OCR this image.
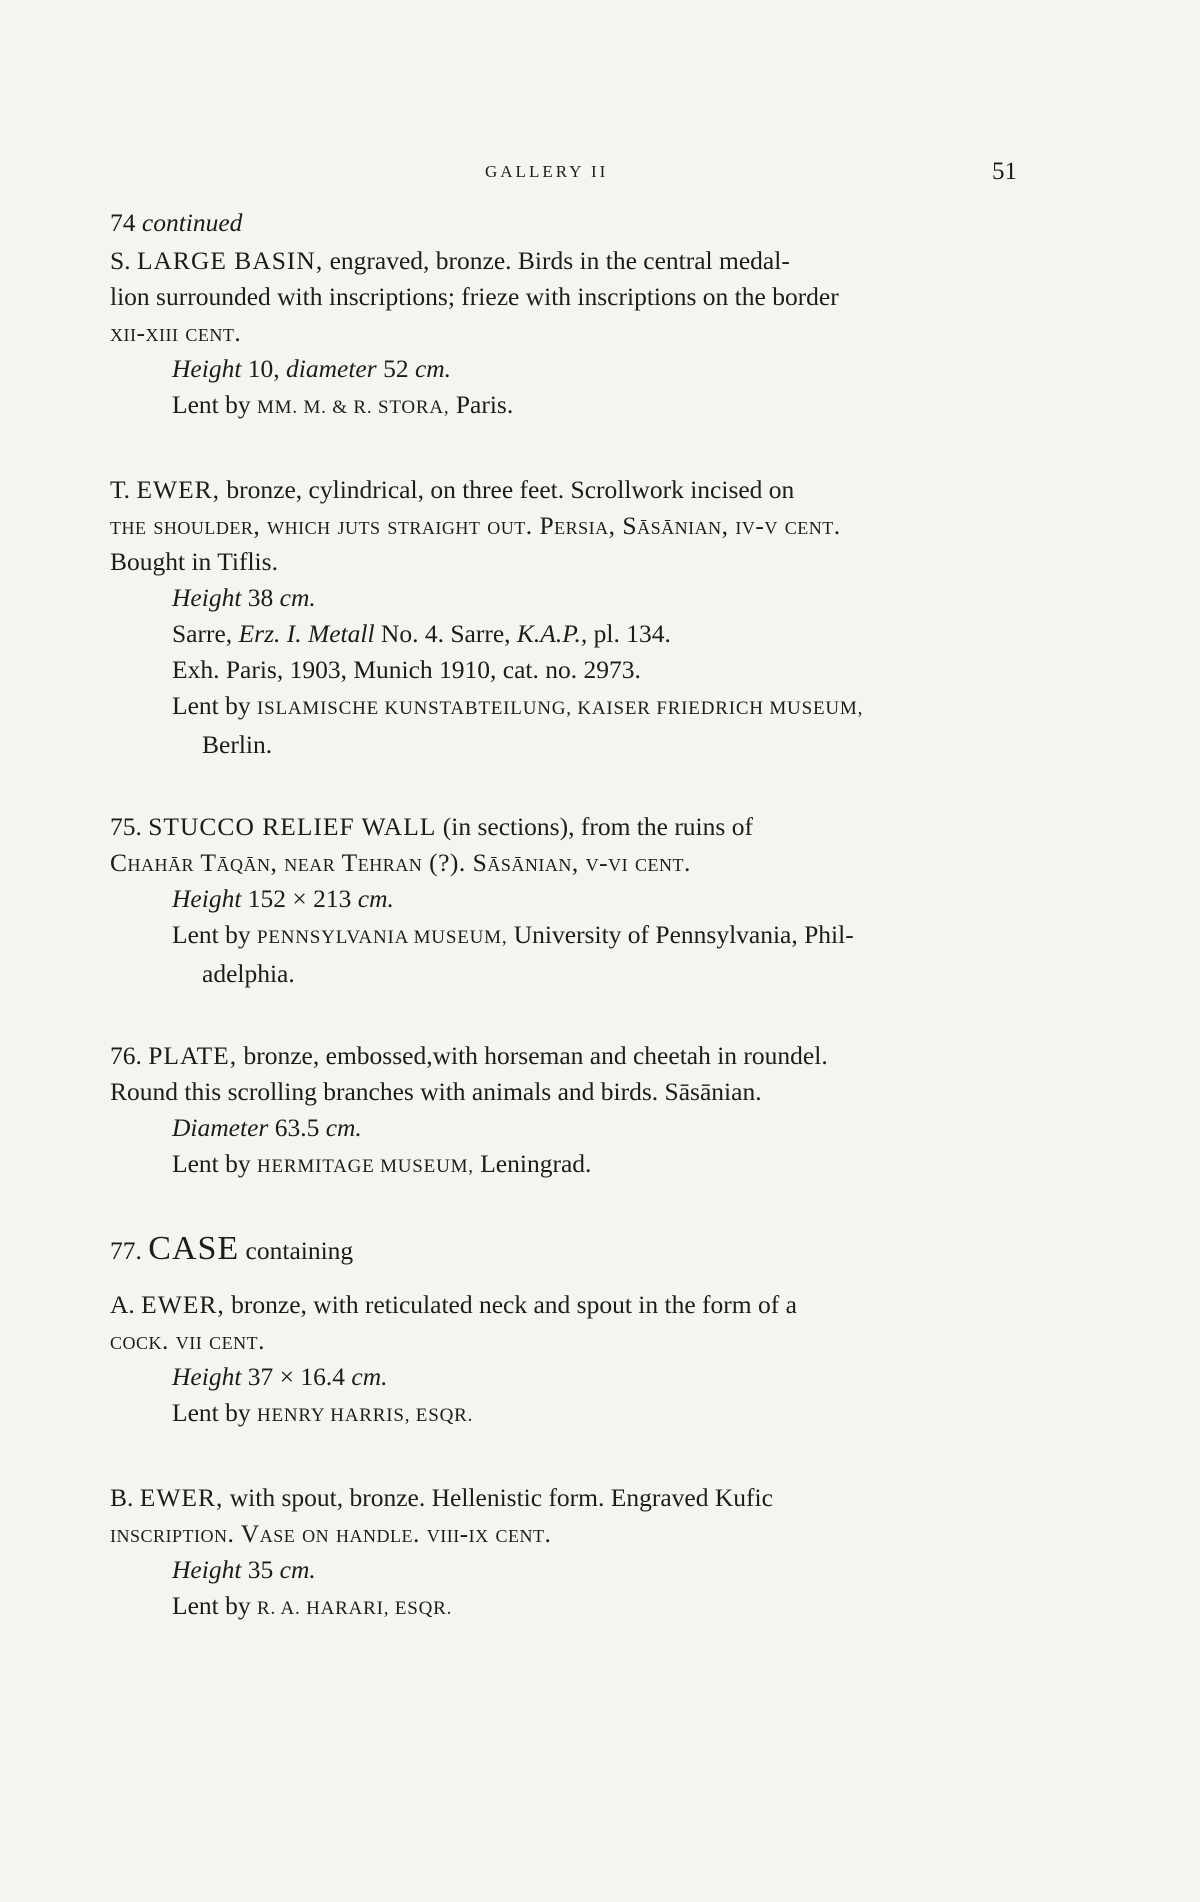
GALLERY II	51
74 continued
S. LARGE BASIN, engraved, bronze. Birds in the central medal-
lion surrounded with inscriptions; frieze with inscriptions on the border
xii-xiii cent.
Height 10, diameter 52 cm.
Lent by MM. M. & R. STORA, Paris.
T. EWER, bronze, cylindrical, on three feet. Scrollwork incised on
the shoulder, which juts straight out. Persia, Sāsānian, iv-v cent.
Bought in Tiflis.
Height 38 cm.
Sarre, Erz. I. Metall No. 4. Sarre, K.A.P., pl. 134.
Exh. Paris, 1903, Munich 1910, cat. no. 2973.
Lent by ISLAMISCHE KUNSTABTEILUNG, KAISER FRIEDRICH MUSEUM,
Berlin.
75. STUCCO RELIEF WALL (in sections), from the ruins of
Chahār Tāqān, near Tehran (?). Sāsānian, v-vi cent.
Height 152 × 213 cm.
Lent by PENNSYLVANIA MUSEUM, University of Pennsylvania, Phil-
adelphia.
76. PLATE, bronze, embossed,with horseman and cheetah in roundel.
Round this scrolling branches with animals and birds. Sāsānian.
Diameter 63.5 cm.
Lent by HERMITAGE MUSEUM, Leningrad.
77. CASE containing
A. EWER, bronze, with reticulated neck and spout in the form of a
cock. vii cent.
Height 37 × 16.4 cm.
Lent by HENRY HARRIS, ESQR.
B. EWER, with spout, bronze. Hellenistic form. Engraved Kufic
inscription. Vase on handle. viii-ix cent.
Height 35 cm.
Lent by R. A. HARARI, ESQR.
